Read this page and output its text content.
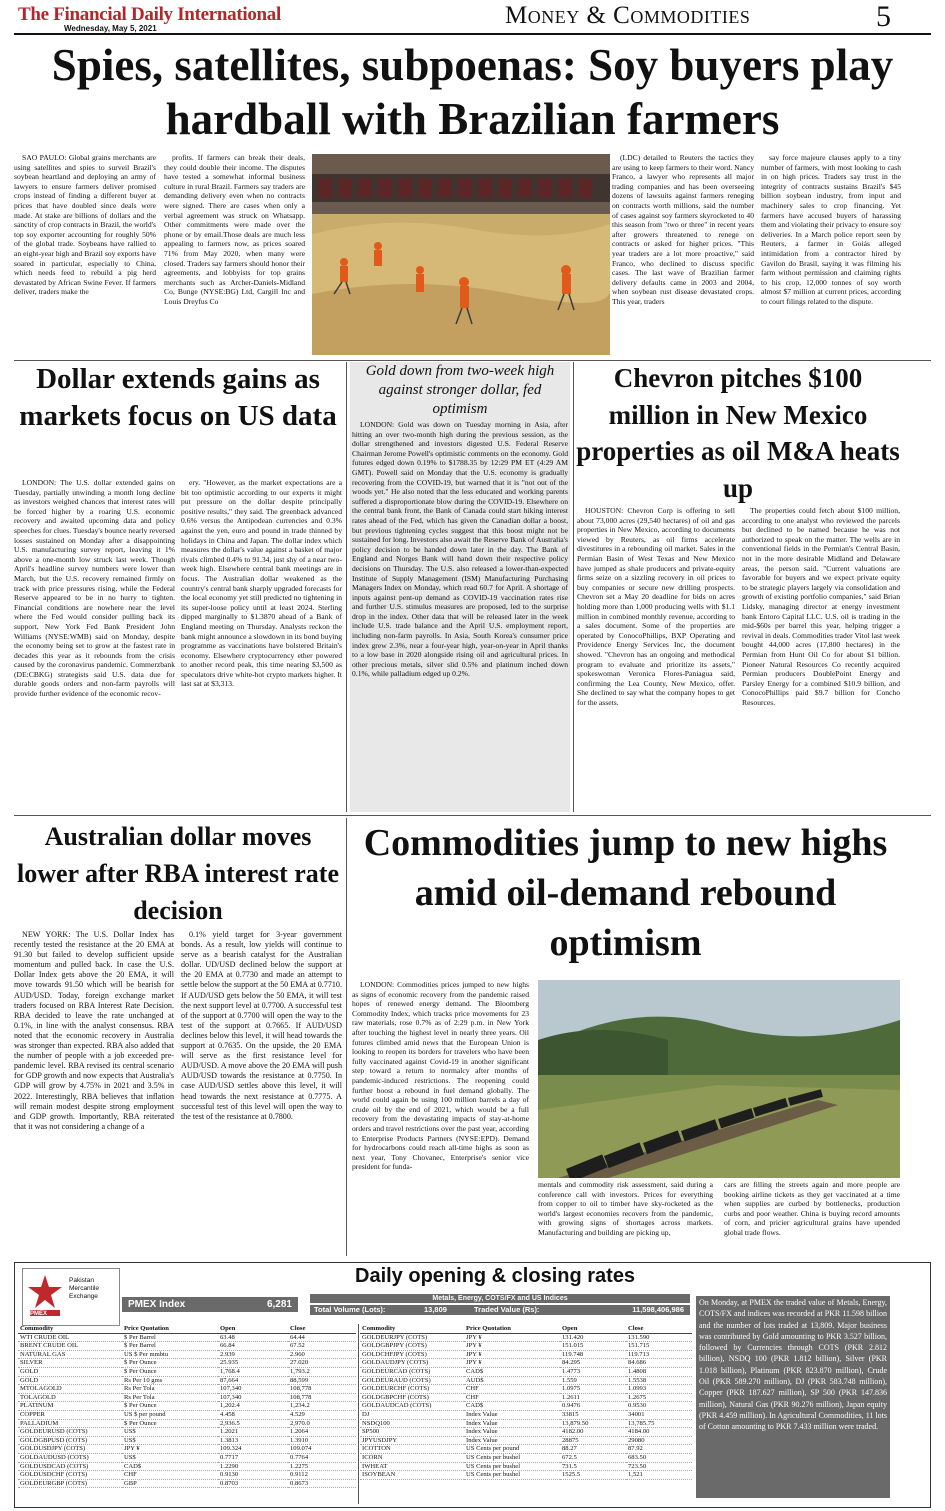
The Financial Daily International
Wednesday, May 5, 2021	Money & Commodities	5
Spies, satellites, subpoenas: Soy buyers play hardball with Brazilian farmers

SAO PAULO: Global grains merchants are using satellites and spies to surveil Brazil's soybean heartland and deploying an army of lawyers to ensure farmers deliver promised crops instead of finding a different buyer at prices that have doubled since deals were made. At stake are billions of dollars and the sanctity of crop contracts in Brazil, the world's top soy exporter accounting for roughly 50% of the global trade. Soybeans have rallied to an eight-year high and Brazil soy exports have soared in particular, especially to China, which needs feed to rebuild a pig herd devastated by African Swine Fever. If farmers deliver, traders make the

profits. If farmers can break their deals, they could double their income. The disputes have tested a somewhat informal business culture in rural Brazil. Farmers say traders are demanding delivery even when no contracts were signed. There are cases when only a verbal agreement was struck on Whatsapp. Other commitments were made over the phone or by email.Those deals are much less appealing to farmers now, as prices soared 71% from May 2020, when many were closed. Traders say farmers should honor their agreements, and lobbyists for top grains merchants such as Archer-Daniels-Midland Co, Bunge (NYSE:BG) Ltd, Cargill Inc and Louis Dreyfus Co

(LDC) detailed to Reuters the tactics they are using to keep farmers to their word. Nancy Franco, a lawyer who represents all major trading companies and has been overseeing dozens of lawsuits against farmers reneging on contracts worth millions, said the number of cases against soy farmers skyrocketed to 40 this season from "two or three" in recent years after growers threatened to renege on contracts or asked for higher prices. "This year traders are a lot more proactive," said Franco, who declined to discuss specific cases. The last wave of Brazilian farmer delivery defaults came in 2003 and 2004, when soybean rust disease devastated crops. This year, traders

say force majeure clauses apply to a tiny number of farmers, with most looking to cash in on high prices. Traders say trust in the integrity of contracts sustains Brazil's $45 billion soybean industry, from input and machinery sales to crop financing. Yet farmers have accused buyers of harassing them and violating their privacy to ensure soy deliveries. In a March police report seen by Reuters, a farmer in Goiás alleged intimidation from a contractor hired by Gavilon do Brasil, saying it was filming his farm without permission and claiming rights to his crop, 12,000 tonnes of soy worth almost $7 million at current prices, according to court filings related to the dispute.

Dollar extends gains as markets focus on US data

LONDON: The U.S. dollar extended gains on Tuesday, partially unwinding a month long decline as investors weighed chances that interest rates will be forced higher by a roaring U.S. economic recovery and awaited upcoming data and policy speeches for clues. Tuesday's bounce nearly reversed losses sustained on Monday after a disappointing U.S. manufacturing survey report, leaving it 1% above a one-month low struck last week. Though April's headline survey numbers were lower than March, but the U.S. recovery remained firmly on track with price pressures rising, while the Federal Reserve appeared to be in no hurry to tighten. Financial conditions are nowhere near the level where the Fed would consider pulling back its support, New York Fed Bank President John Williams (NYSE:WMB) said on Monday, despite the economy being set to grow at the fastest rate in decades this year as it rebounds from the crisis caused by the coronavirus pandemic. Commerzbank (DE:CBKG) strategists said U.S. data due for durable goods orders and non-farm payrolls will provide further evidence of the economic recov-

ery. "However, as the market expectations are a bit too optimistic according to our experts it might put pressure on the dollar despite principally positive results," they said. The greenback advanced 0.6% versus the Antipodean currencies and 0.3% against the yen, euro and pound in trade thinned by holidays in China and Japan. The dollar index which measures the dollar's value against a basket of major rivals climbed 0.4% to 91.34, just shy of a near two-week high. Elsewhere central bank meetings are in focus. The Australian dollar weakened as the country's central bank sharply upgraded forecasts for the local economy yet still predicted no tightening in its super-loose policy until at least 2024. Sterling dipped marginally to $1.3870 ahead of a Bank of England meeting on Thursday. Analysts reckon the bank might announce a slowdown in its bond buying programme as vaccinations have bolstered Britain's economy. Elsewhere cryptocurrency ether powered to another record peak, this time nearing $3,500 as speculators drive white-hot crypto markets higher. It last sat at $3,313.

Gold down from two-week high against stronger dollar, fed optimism

LONDON: Gold was down on Tuesday morning in Asia, after hitting an over two-month high during the previous session, as the dollar strengthened and investors digested U.S. Federal Reserve Chairman Jerome Powell's optimistic comments on the economy. Gold futures edged down 0.19% to $1788.35 by 12:29 PM ET (4:29 AM GMT). Powell said on Monday that the U.S. economy is gradually recovering from the COVID-19, but warned that it is "not out of the woods yet." He also noted that the less educated and working parents suffered a disproportionate blow during the COVID-19. Elsewhere on the central bank front, the Bank of Canada could start hiking interest rates ahead of the Fed, which has given the Canadian dollar a boost, but previous tightening cycles suggest that this boost might not be sustained for long. Investors also await the Reserve Bank of Australia's policy decision to be handed down later in the day. The Bank of England and Norges Bank will hand down their respective policy decisions on Thursday. The U.S. also released a lower-than-expected Institute of Supply Management (ISM) Manufacturing Purchasing Managers Index on Monday, which read 60.7 for April. A shortage of inputs against pent-up demand as COVID-19 vaccination rates rise and further U.S. stimulus measures are proposed, led to the surprise drop in the index. Other data that will be released later in the week include U.S. trade balance and the April U.S. employment report, including non-farm payrolls. In Asia, South Korea's consumer price index grew 2.3%, near a four-year high, year-on-year in April thanks to a low base in 2020 alongside rising oil and agricultural prices. In other precious metals, silver slid 0.5% and platinum inched down 0.1%, while palladium edged up 0.2%.

Chevron pitches $100 million in New Mexico properties as oil M&A heats up

HOUSTON: Chevron Corp is offering to sell about 73,000 acres (29,540 hectares) of oil and gas properties in New Mexico, according to documents viewed by Reuters, as oil firms accelerate divestitures in a rebounding oil market. Sales in the Permian Basin of West Texas and New Mexico have jumped as shale producers and private-equity firms seize on a sizzling recovery in oil prices to buy companies or secure new drilling prospects. Chevron set a May 20 deadline for bids on acres holding more than 1,000 producing wells with $1.1 million in combined monthly revenue, according to a sales document. Some of the properties are operated by ConocoPhillips, BXP Operating and Providence Energy Services Inc, the document showed. "Chevron has an ongoing and methodical program to evaluate and prioritize its assets," spokeswoman Veronica Flores-Paniagua said, confirming the Lea County, New Mexico, offer. She declined to say what the company hopes to get for the assets.

The properties could fetch about $100 million, according to one analyst who reviewed the parcels but declined to be named because he was not authorized to speak on the matter. The wells are in conventional fields in the Permian's Central Basin, not in the more desirable Midland and Delaware areas, the person said. "Current valuations are favorable for buyers and we expect private equity to be strategic players largely via consolidation and growth of existing portfolio companies," said Brian Lidsky, managing director at energy investment bank Entoro Capital LLC. U.S. oil is trading in the mid-$60s per barrel this year, helping trigger a revival in deals. Commodities trader Vitol last week bought 44,000 acres (17,800 hectares) in the Permian from Hunt Oil Co for about $1 billion. Pioneer Natural Resources Co recently acquired Permian producers DoublePoint Energy and Parsley Energy for a combined $10.9 billion, and ConocoPhillips paid $9.7 billion for Concho Resources.

Australian dollar moves lower after RBA interest rate decision

NEW YORK: The U.S. Dollar Index has recently tested the resistance at the 20 EMA at 91.30 but failed to develop sufficient upside momentum and pulled back. In case the U.S. Dollar Index gets above the 20 EMA, it will move towards 91.50 which will be bearish for AUD/USD. Today, foreign exchange market traders focused on RBA Interest Rate Decision. RBA decided to leave the rate unchanged at 0.1%, in line with the analyst consensus. RBA noted that the economic recovery in Australia was stronger than expected. RBA also added that the number of people with a job exceeded pre-pandemic level. RBA revised its central scenario for GDP growth and now expects that Australia's GDP will grow by 4.75% in 2021 and 3.5% in 2022. Interestingly, RBA believes that inflation will remain modest despite strong employment and GDP growth. Importantly, RBA reiterated that it was not considering a change of a

0.1% yield target for 3-year government bonds. As a result, low yields will continue to serve as a bearish catalyst for the Australian dollar. UD/USD declined below the support at the 20 EMA at 0.7730 and made an attempt to settle below the support at the 50 EMA at 0.7710. If AUD/USD gets below the 50 EMA, it will test the next support level at 0.7700. A successful test of the support at 0.7700 will open the way to the test of the support at 0.7665. If AUD/USD declines below this level, it will head towards the support at 0.7635. On the upside, the 20 EMA will serve as the first resistance level for AUD/USD. A move above the 20 EMA will push AUD/USD towards the resistance at 0.7750. In case AUD/USD settles above this level, it will head towards the next resistance at 0.7775. A successful test of this level will open the way to the test of the resistance at 0.7800.

Commodities jump to new highs amid oil-demand rebound optimism

LONDON: Commodities prices jumped to new highs as signs of economic recovery from the pandemic raised hopes of renewed energy demand. The Bloomberg Commodity Index, which tracks price movements for 23 raw materials, rose 0.7% as of 2:29 p.m. in New York after touching the highest level in nearly three years. Oil futures climbed amid news that the European Union is looking to reopen its borders for travelers who have been fully vaccinated against Covid-19 in another significant step toward a return to normalcy after months of pandemic-induced restrictions. The reopening could further boost a rebound in fuel demand globally. The world could again be using 100 million barrels a day of crude oil by the end of 2021, which would be a full recovery from the devastating impacts of stay-at-home orders and travel restrictions over the past year, according to Enterprise Products Partners (NYSE:EPD). Demand for hydrocarbons could reach all-time highs as soon as next year, Tony Chovanec, Enterprise's senior vice president for funda-

mentals and commodity risk assessment, said during a conference call with investors. Prices for everything from copper to oil to timber have sky-rocketed as the world's largest economies recovers from the pandemic, with growing signs of shortages across markets. Manufacturing and building are picking up,

cars are filling the streets again and more people are booking airline tickets as they get vaccinated at a time when supplies are curbed by bottlenecks, production curbs and poor weather. China is buying record amounts of corn, and pricier agricultural grains have upended global trade flows.

PMEX
Pakistan Mercantile Exchange
Daily opening & closing rates
PMEX Index	6,281
Metals, Energy, COTS/FX and US Indices
Total Volume (Lots):	13,809	Traded Value (Rs):	11,598,406,986
Commodity	Price Quotation	Open	Close
WTI CRUDE OIL	$ Per Barrel	63.48	64.44
BRENT CRUDE OIL	$ Per Barrel	66.84	67.52
NATURAL GAS	US $ Per mmbtu	2.939	2.960
SILVER	$ Per Ounce	25.935	27.020
GOLD	$ Per Ounce	1,768.4	1,793.2
GOLD	Rs Per 10 gms	87,664	88,599
MTOLAGOLD	Rs Per Tola	107,340	108,778
TOLAGOLD	Rs Per Tola	107,340	108,778
PLATINUM	$ Per Ounce	1,202.4	1,234.2
COPPER	US $ per pound	4.458	4.529
PALLADIUM	$ Per Ounce	2,936.5	2,970.0
GOLDEURUSD (COTS)	US$	1.2021	1.2064
GOLDGBPUSD (COTS)	US$	1.3813	1.3910
GOLDUSDJPY (COTS)	JPY ¥	109.324	109.074
GOLDAUDUSD (COTS)	US$	0.7717	0.7764
GOLDUSDCAD (COTS)	CAD$	1.2290	1.2275
GOLDUSDCHF (COTS)	CHF	0.9130	0.9112
GOLDEURGBP (COTS)	GBP	0.8703	0.8673
Commodity	Price Quotation	Open	Close
GOLDEURJPY (COTS)	JPY ¥	131.420	131.590
GOLDGBPJPY (COTS)	JPY ¥	151.015	151.715
GOLDCHFJPY (COTS)	JPY ¥	119.748	119.713
GOLDAUDJPY (COTS)	JPY ¥	84.295	84.686
GOLDEURCAD (COTS)	CAD$	1.4773	1.4808
GOLDEURAUD (COTS)	AUD$	1.559	1.5538
GOLDEURCHF (COTS)	CHF	1.0975	1.0993
GOLDGBPCHF (COTS)	CHF	1.2611	1.2675
GOLDAUDCAD (COTS)	CAD$	0.9476	0.9530
DJ	Index Value	33815	34001
NSDQ100	Index Value	13,879.50	13,785.75
SP500	Index Value	4182.00	4184.00
JPYUSDJPY	Index Value	28875	29080
ICOTTON	US Cents per pound	88.27	87.92
ICORN	US Cents per bushel	672.5	683.50
IWHEAT	US Cents per bushel	731.5	723.50
ISOYBEAN	US Cents per bushel	1525.5	1,521
On Monday, at PMEX the traded value of Metals, Energy, COTS/FX and indices was recorded at PKR 11.598 billion and the number of lots traded at 13,809. Major business was contributed by Gold amounting to PKR 3.527 billion, followed by Currencies through COTS (PKR 2.812 billion), NSDQ 100 (PKR 1.812 billion), Silver (PKR 1.018 billion), Platinum (PKR 823.870 million), Crude Oil (PKR 589.270 million), DJ (PKR 583.748 million), Copper (PKR 187.627 million), SP 500 (PKR 147.836 million), Natural Gas (PKR 90.276 million), Japan equity (PKR 4.459 million). In Agricultural Commodities, 11 lots of Cotton amounting to PKR 7.433 million were traded.
